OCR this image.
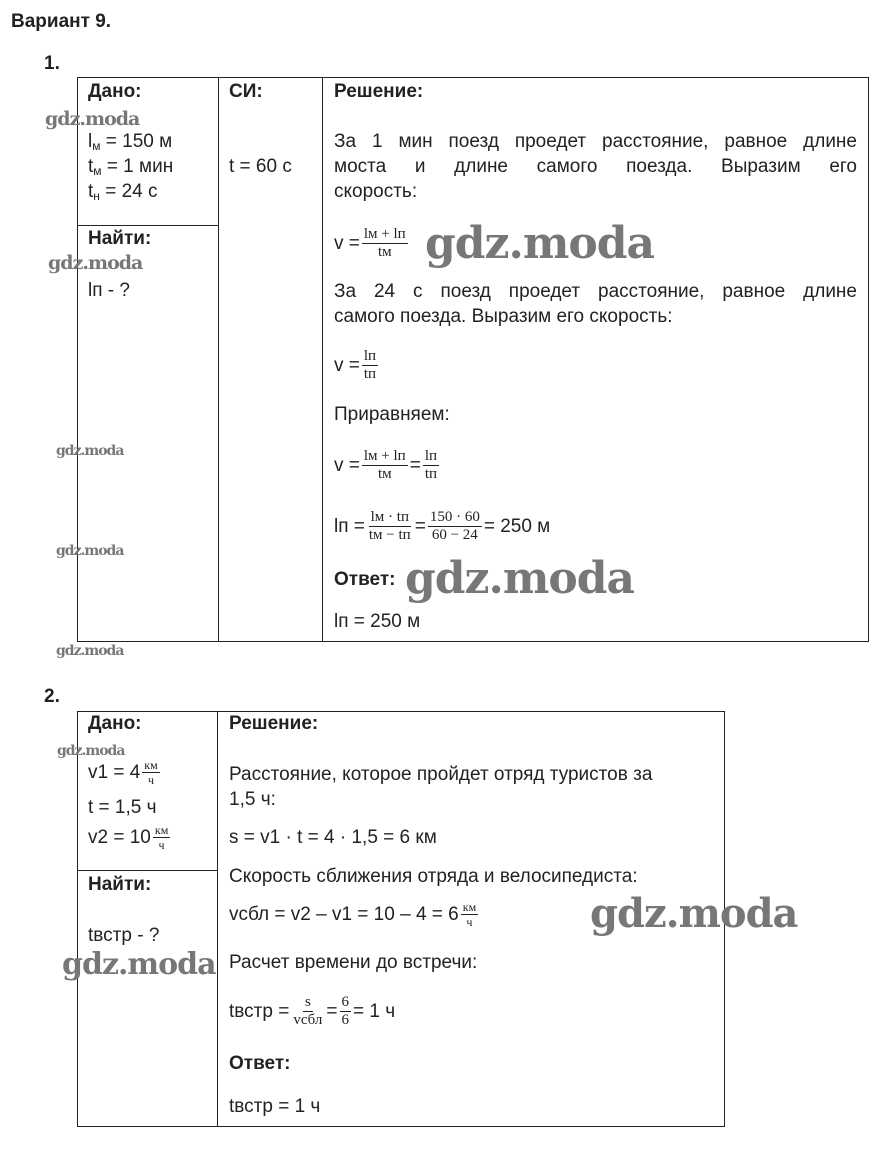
Вариант 9.
1.
Дано:
$l_м = 150$ м
$t_м = 1$ мин
$t_н = 24$ с
Найти:
lп - ?
СИ:
t = 60 с
Решение:
За 1 мин поезд проедет расстояние, равное длине
моста и длине самого поезда. Выразим его
скорость:
$v = \frac{lм + lп}{tм}$
За 24 с поезд проедет расстояние, равное длине
самого поезда. Выразим его скорость:
$v = \frac{lп}{tп}$
Приравняем:
$v = \frac{lм + lп}{tм} = \frac{lп}{tп}$
lп = $\frac{lм \cdot tп}{tм - tп} = \frac{150 \cdot 60}{60 - 24} = 250$ м
Ответ:
lп = 250 м
2.
Дано:
$v1 = 4 \frac{км}{ч}$
t = 1,5 ч
$v2 = 10 \frac{км}{ч}$
Найти:
tвстр - ?
Решение:
Расстояние, которое пройдет отряд туристов за
1,5 ч:
s = v1 · t = 4 · 1,5 = 6 км
Скорость сближения отряда и велосипедиста:
vсбл = $v2 - v1 = 10 - 4 = 6 \frac{км}{ч}$
Расчет времени до встречи:
tвстр = $\frac{s}{\text{vсбл}} = \frac{6}{6} = 1$ ч
Ответ:
tвстр = 1 ч
gdz.moda
gdz.moda
gdz.moda
gdz.moda
gdz.moda
gdz.moda
gdz.moda
gdz.moda
gdz.moda
gdz.moda
